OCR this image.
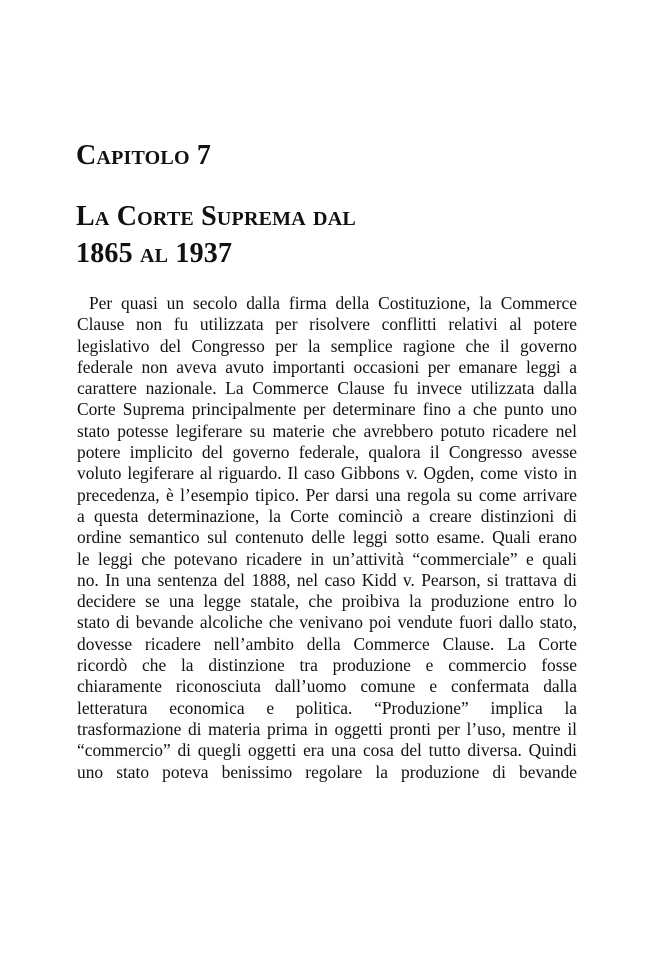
Capitolo 7
La Corte Suprema dal
1865 al 1937
Per quasi un secolo dalla firma della Costituzione, la Commerce
Clause non fu utilizzata per risolvere conflitti relativi al potere
legislativo del Congresso per la semplice ragione che il governo
federale non aveva avuto importanti occasioni per emanare leggi a
carattere nazionale. La Commerce Clause fu invece utilizzata dalla
Corte Suprema principalmente per determinare fino a che punto uno
stato potesse legiferare su materie che avrebbero potuto ricadere nel
potere implicito del governo federale, qualora il Congresso avesse
voluto legiferare al riguardo. Il caso Gibbons v. Ogden, come visto in
precedenza, è l’esempio tipico. Per darsi una regola su come arrivare
a questa determinazione, la Corte cominciò a creare distinzioni di
ordine semantico sul contenuto delle leggi sotto esame. Quali erano
le leggi che potevano ricadere in un’attività “commerciale” e quali
no. In una sentenza del 1888, nel caso Kidd v. Pearson, si trattava di
decidere se una legge statale, che proibiva la produzione entro lo
stato di bevande alcoliche che venivano poi vendute fuori dallo stato,
dovesse ricadere nell’ambito della Commerce Clause. La Corte
ricordò che la distinzione tra produzione e commercio fosse
chiaramente riconosciuta dall’uomo comune e confermata dalla
letteratura economica e politica. “Produzione” implica la
trasformazione di materia prima in oggetti pronti per l’uso, mentre il
“commercio” di quegli oggetti era una cosa del tutto diversa. Quindi
uno stato poteva benissimo regolare la produzione di bevande
